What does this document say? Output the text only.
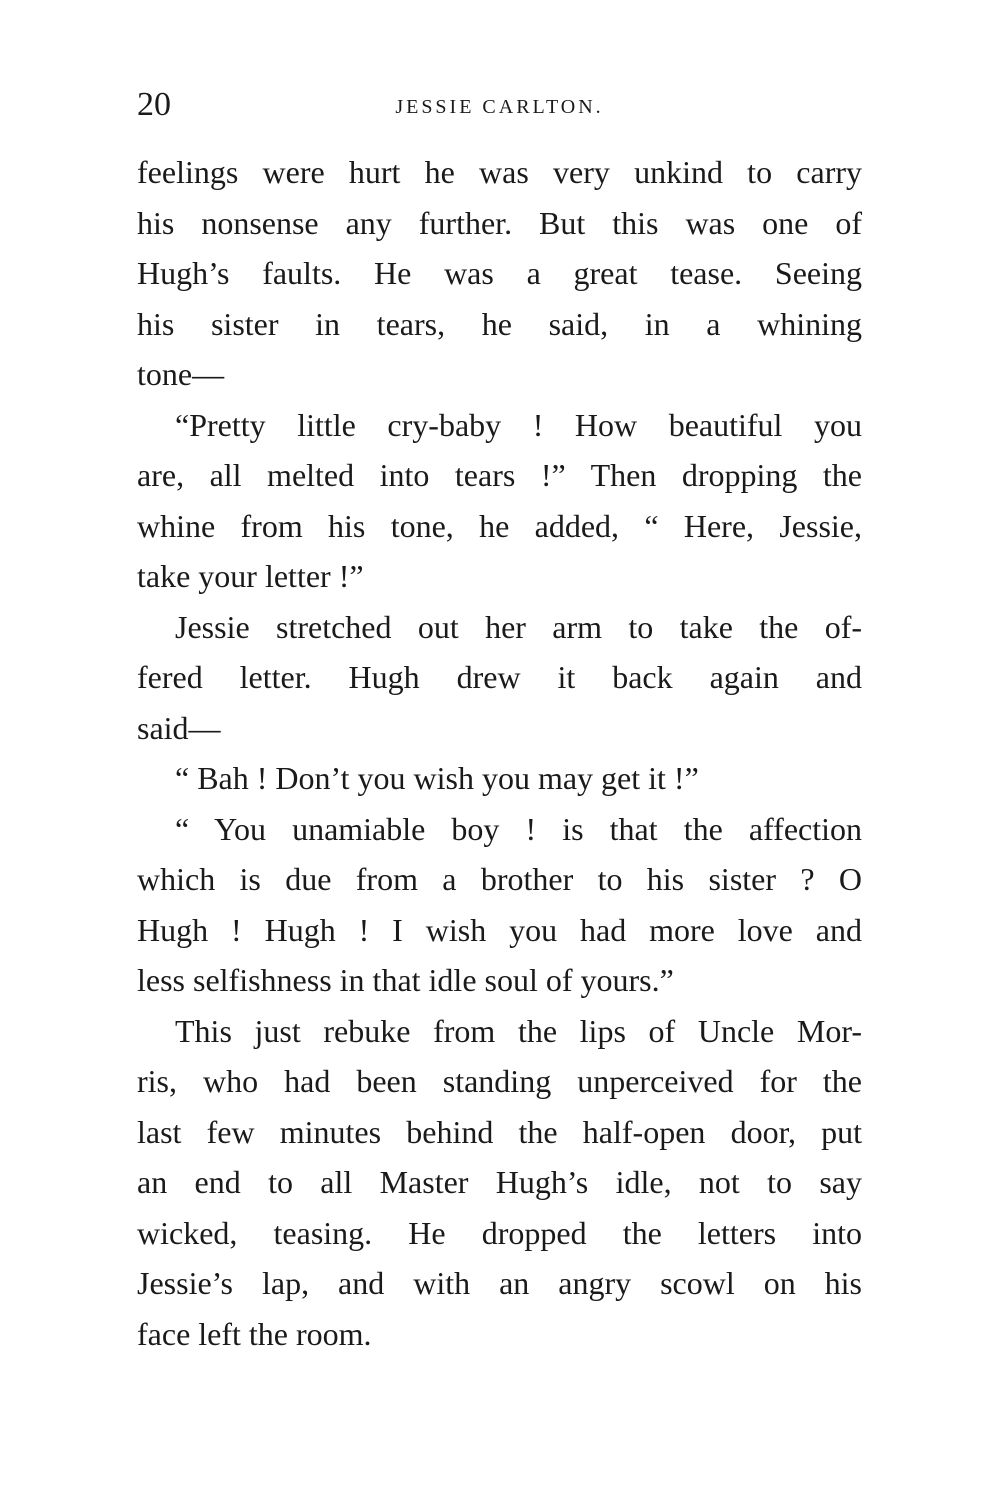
20	JESSIE CARLTON.
feelings were hurt he was very unkind to carry
his nonsense any further. But this was one of
Hugh’s faults. He was a great tease. Seeing
his sister in tears, he said, in a whining
tone—
“Pretty little cry-baby ! How beautiful you
are, all melted into tears !” Then dropping the
whine from his tone, he added, “ Here, Jessie,
take your letter !”
Jessie stretched out her arm to take the of-
fered letter. Hugh drew it back again and
said—
“ Bah ! Don’t you wish you may get it !”
“ You unamiable boy ! is that the affection
which is due from a brother to his sister ? O
Hugh ! Hugh ! I wish you had more love and
less selfishness in that idle soul of yours.”
This just rebuke from the lips of Uncle Mor-
ris, who had been standing unperceived for the
last few minutes behind the half-open door, put
an end to all Master Hugh’s idle, not to say
wicked, teasing. He dropped the letters into
Jessie’s lap, and with an angry scowl on his
face left the room.
